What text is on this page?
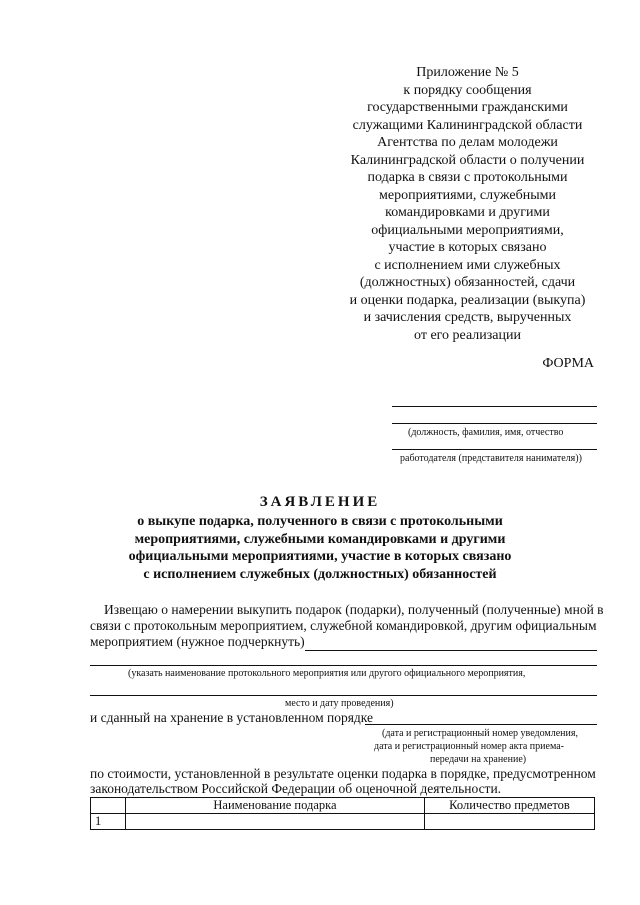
Приложение № 5
к порядку сообщения
государственными гражданскими
служащими Калининградской области
Агентства по делам молодежи
Калининградской области о получении
подарка в связи с протокольными
мероприятиями, служебными
командировками и другими
официальными мероприятиями,
участие в которых связано
с исполнением ими служебных
(должностных) обязанностей, сдачи
и оценки подарка, реализации (выкупа)
и зачисления средств, вырученных
от его реализации
ФОРМА
(должность, фамилия, имя, отчество
работодателя (представителя нанимателя))
ЗАЯВЛЕНИЕ
о выкупе подарка, полученного в связи с протокольными
мероприятиями, служебными командировками и другими
официальными мероприятиями, участие в которых связано
с исполнением служебных (должностных) обязанностей
Извещаю о намерении выкупить подарок (подарки), полученный (полученные) мной в
связи с протокольным мероприятием, служебной командировкой, другим официальным
мероприятием (нужное подчеркнуть)
(указать наименование протокольного мероприятия или другого официального мероприятия,
место и дату проведения)
и сданный на хранение в установленном порядке
(дата и регистрационный номер уведомления,
дата и регистрационный номер акта приема-
передачи на хранение)
по стоимости, установленной в результате оценки подарка в порядке, предусмотренном
законодательством Российской Федерации об оценочной деятельности.
	Наименование подарка	Количество предметов
1		
